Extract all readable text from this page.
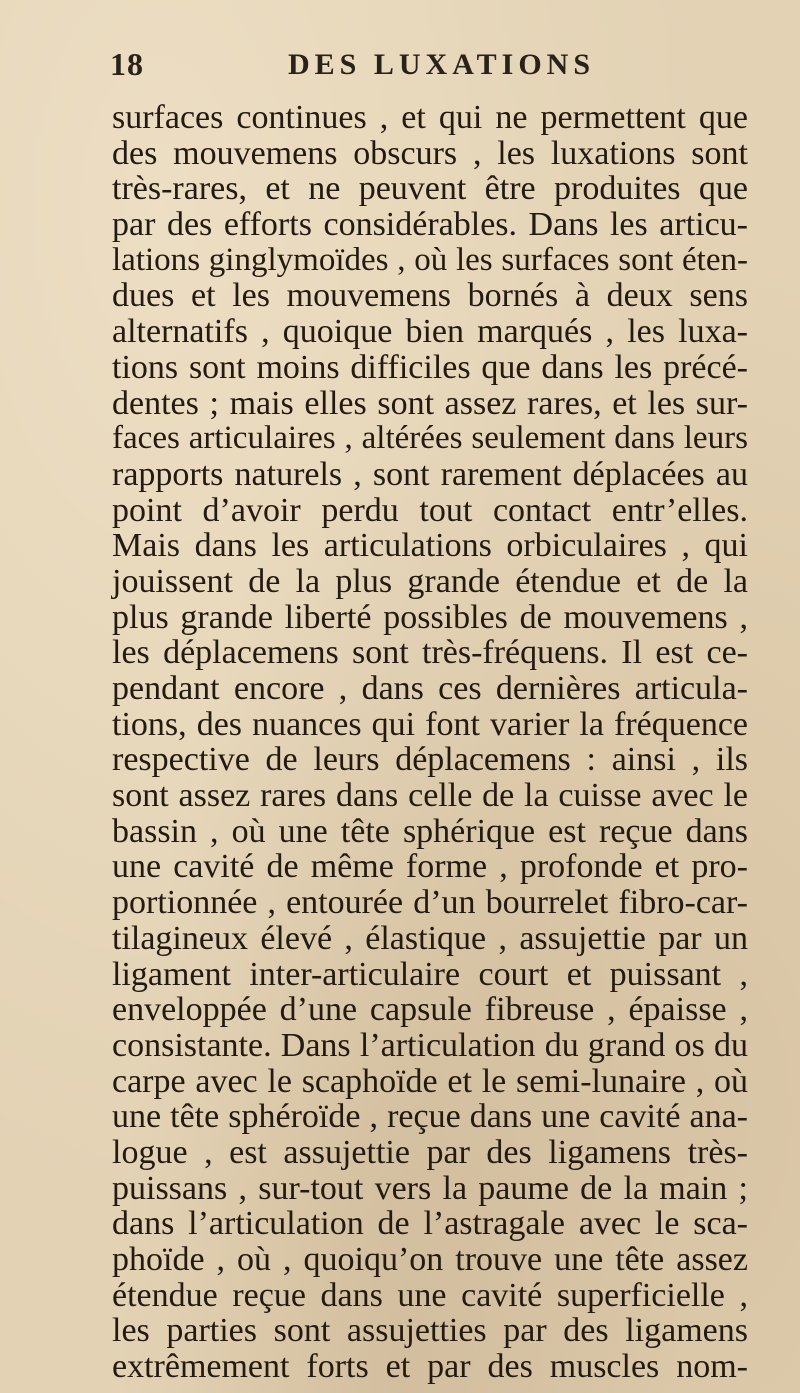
18	DES LUXATIONS
surfaces continues , et qui ne permettent que
des mouvemens obscurs , les luxations sont
très-rares, et ne peuvent être produites que
par des efforts considérables. Dans les articu-
lations ginglymoïdes , où les surfaces sont éten-
dues et les mouvemens bornés à deux sens
alternatifs , quoique bien marqués , les luxa-
tions sont moins difficiles que dans les précé-
dentes ; mais elles sont assez rares, et les sur-
faces articulaires , altérées seulement dans leurs
rapports naturels , sont rarement déplacées au
point d’avoir perdu tout contact entr’elles.
Mais dans les articulations orbiculaires , qui
jouissent de la plus grande étendue et de la
plus grande liberté possibles de mouvemens ,
les déplacemens sont très-fréquens. Il est ce-
pendant encore , dans ces dernières articula-
tions, des nuances qui font varier la fréquence
respective de leurs déplacemens : ainsi , ils
sont assez rares dans celle de la cuisse avec le
bassin , où une tête sphérique est reçue dans
une cavité de même forme , profonde et pro-
portionnée , entourée d’un bourrelet fibro-car-
tilagineux élevé , élastique , assujettie par un
ligament inter-articulaire court et puissant ,
enveloppée d’une capsule fibreuse , épaisse ,
consistante. Dans l’articulation du grand os du
carpe avec le scaphoïde et le semi-lunaire , où
une tête sphéroïde , reçue dans une cavité ana-
logue , est assujettie par des ligamens très-
puissans , sur-tout vers la paume de la main ;
dans l’articulation de l’astragale avec le sca-
phoïde , où , quoiqu’on trouve une tête assez
étendue reçue dans une cavité superficielle ,
les parties sont assujetties par des ligamens
extrêmement forts et par des muscles nom-
